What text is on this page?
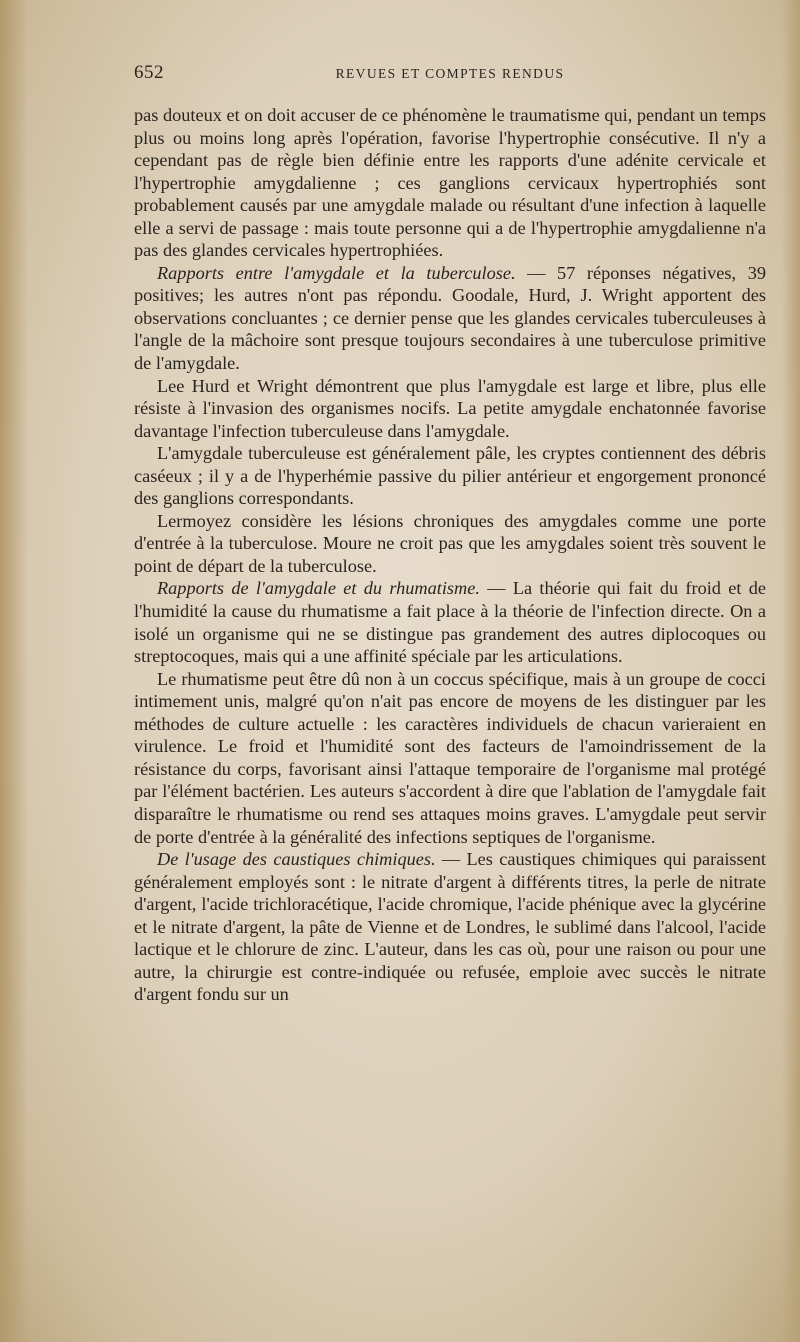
652	REVUES ET COMPTES RENDUS

pas douteux et on doit accuser de ce phénomène le traumatisme qui, pendant un temps plus ou moins long après l'opération, favorise l'hypertrophie consécutive. Il n'y a cependant pas de règle bien définie entre les rapports d'une adénite cervicale et l'hypertrophie amygdalienne ; ces ganglions cervicaux hypertrophiés sont probablement causés par une amygdale malade ou résultant d'une infection à laquelle elle a servi de passage : mais toute personne qui a de l'hypertrophie amygdalienne n'a pas des glandes cervicales hypertrophiées.

Rapports entre l'amygdale et la tuberculose. — 57 réponses négatives, 39 positives; les autres n'ont pas répondu. Goodale, Hurd, J. Wright apportent des observations concluantes ; ce dernier pense que les glandes cervicales tuberculeuses à l'angle de la mâchoire sont presque toujours secondaires à une tuberculose primitive de l'amygdale.

Lee Hurd et Wright démontrent que plus l'amygdale est large et libre, plus elle résiste à l'invasion des organismes nocifs. La petite amygdale enchatonnée favorise davantage l'infection tuberculeuse dans l'amygdale.

L'amygdale tuberculeuse est généralement pâle, les cryptes contiennent des débris caséeux ; il y a de l'hyperhémie passive du pilier antérieur et engorgement prononcé des ganglions correspondants.

Lermoyez considère les lésions chroniques des amygdales comme une porte d'entrée à la tuberculose. Moure ne croit pas que les amygdales soient très souvent le point de départ de la tuberculose.

Rapports de l'amygdale et du rhumatisme. — La théorie qui fait du froid et de l'humidité la cause du rhumatisme a fait place à la théorie de l'infection directe. On a isolé un organisme qui ne se distingue pas grandement des autres diplocoques ou streptocoques, mais qui a une affinité spéciale par les articulations.

Le rhumatisme peut être dû non à un coccus spécifique, mais à un groupe de cocci intimement unis, malgré qu'on n'ait pas encore de moyens de les distinguer par les méthodes de culture actuelle : les caractères individuels de chacun varieraient en virulence. Le froid et l'humidité sont des facteurs de l'amoindrissement de la résistance du corps, favorisant ainsi l'attaque temporaire de l'organisme mal protégé par l'élément bactérien. Les auteurs s'accordent à dire que l'ablation de l'amygdale fait disparaître le rhumatisme ou rend ses attaques moins graves. L'amygdale peut servir de porte d'entrée à la généralité des infections septiques de l'organisme.

De l'usage des caustiques chimiques. — Les caustiques chimiques qui paraissent généralement employés sont : le nitrate d'argent à différents titres, la perle de nitrate d'argent, l'acide trichloracétique, l'acide chromique, l'acide phénique avec la glycérine et le nitrate d'argent, la pâte de Vienne et de Londres, le sublimé dans l'alcool, l'acide lactique et le chlorure de zinc. L'auteur, dans les cas où, pour une raison ou pour une autre, la chirurgie est contre-indiquée ou refusée, emploie avec succès le nitrate d'argent fondu sur un
